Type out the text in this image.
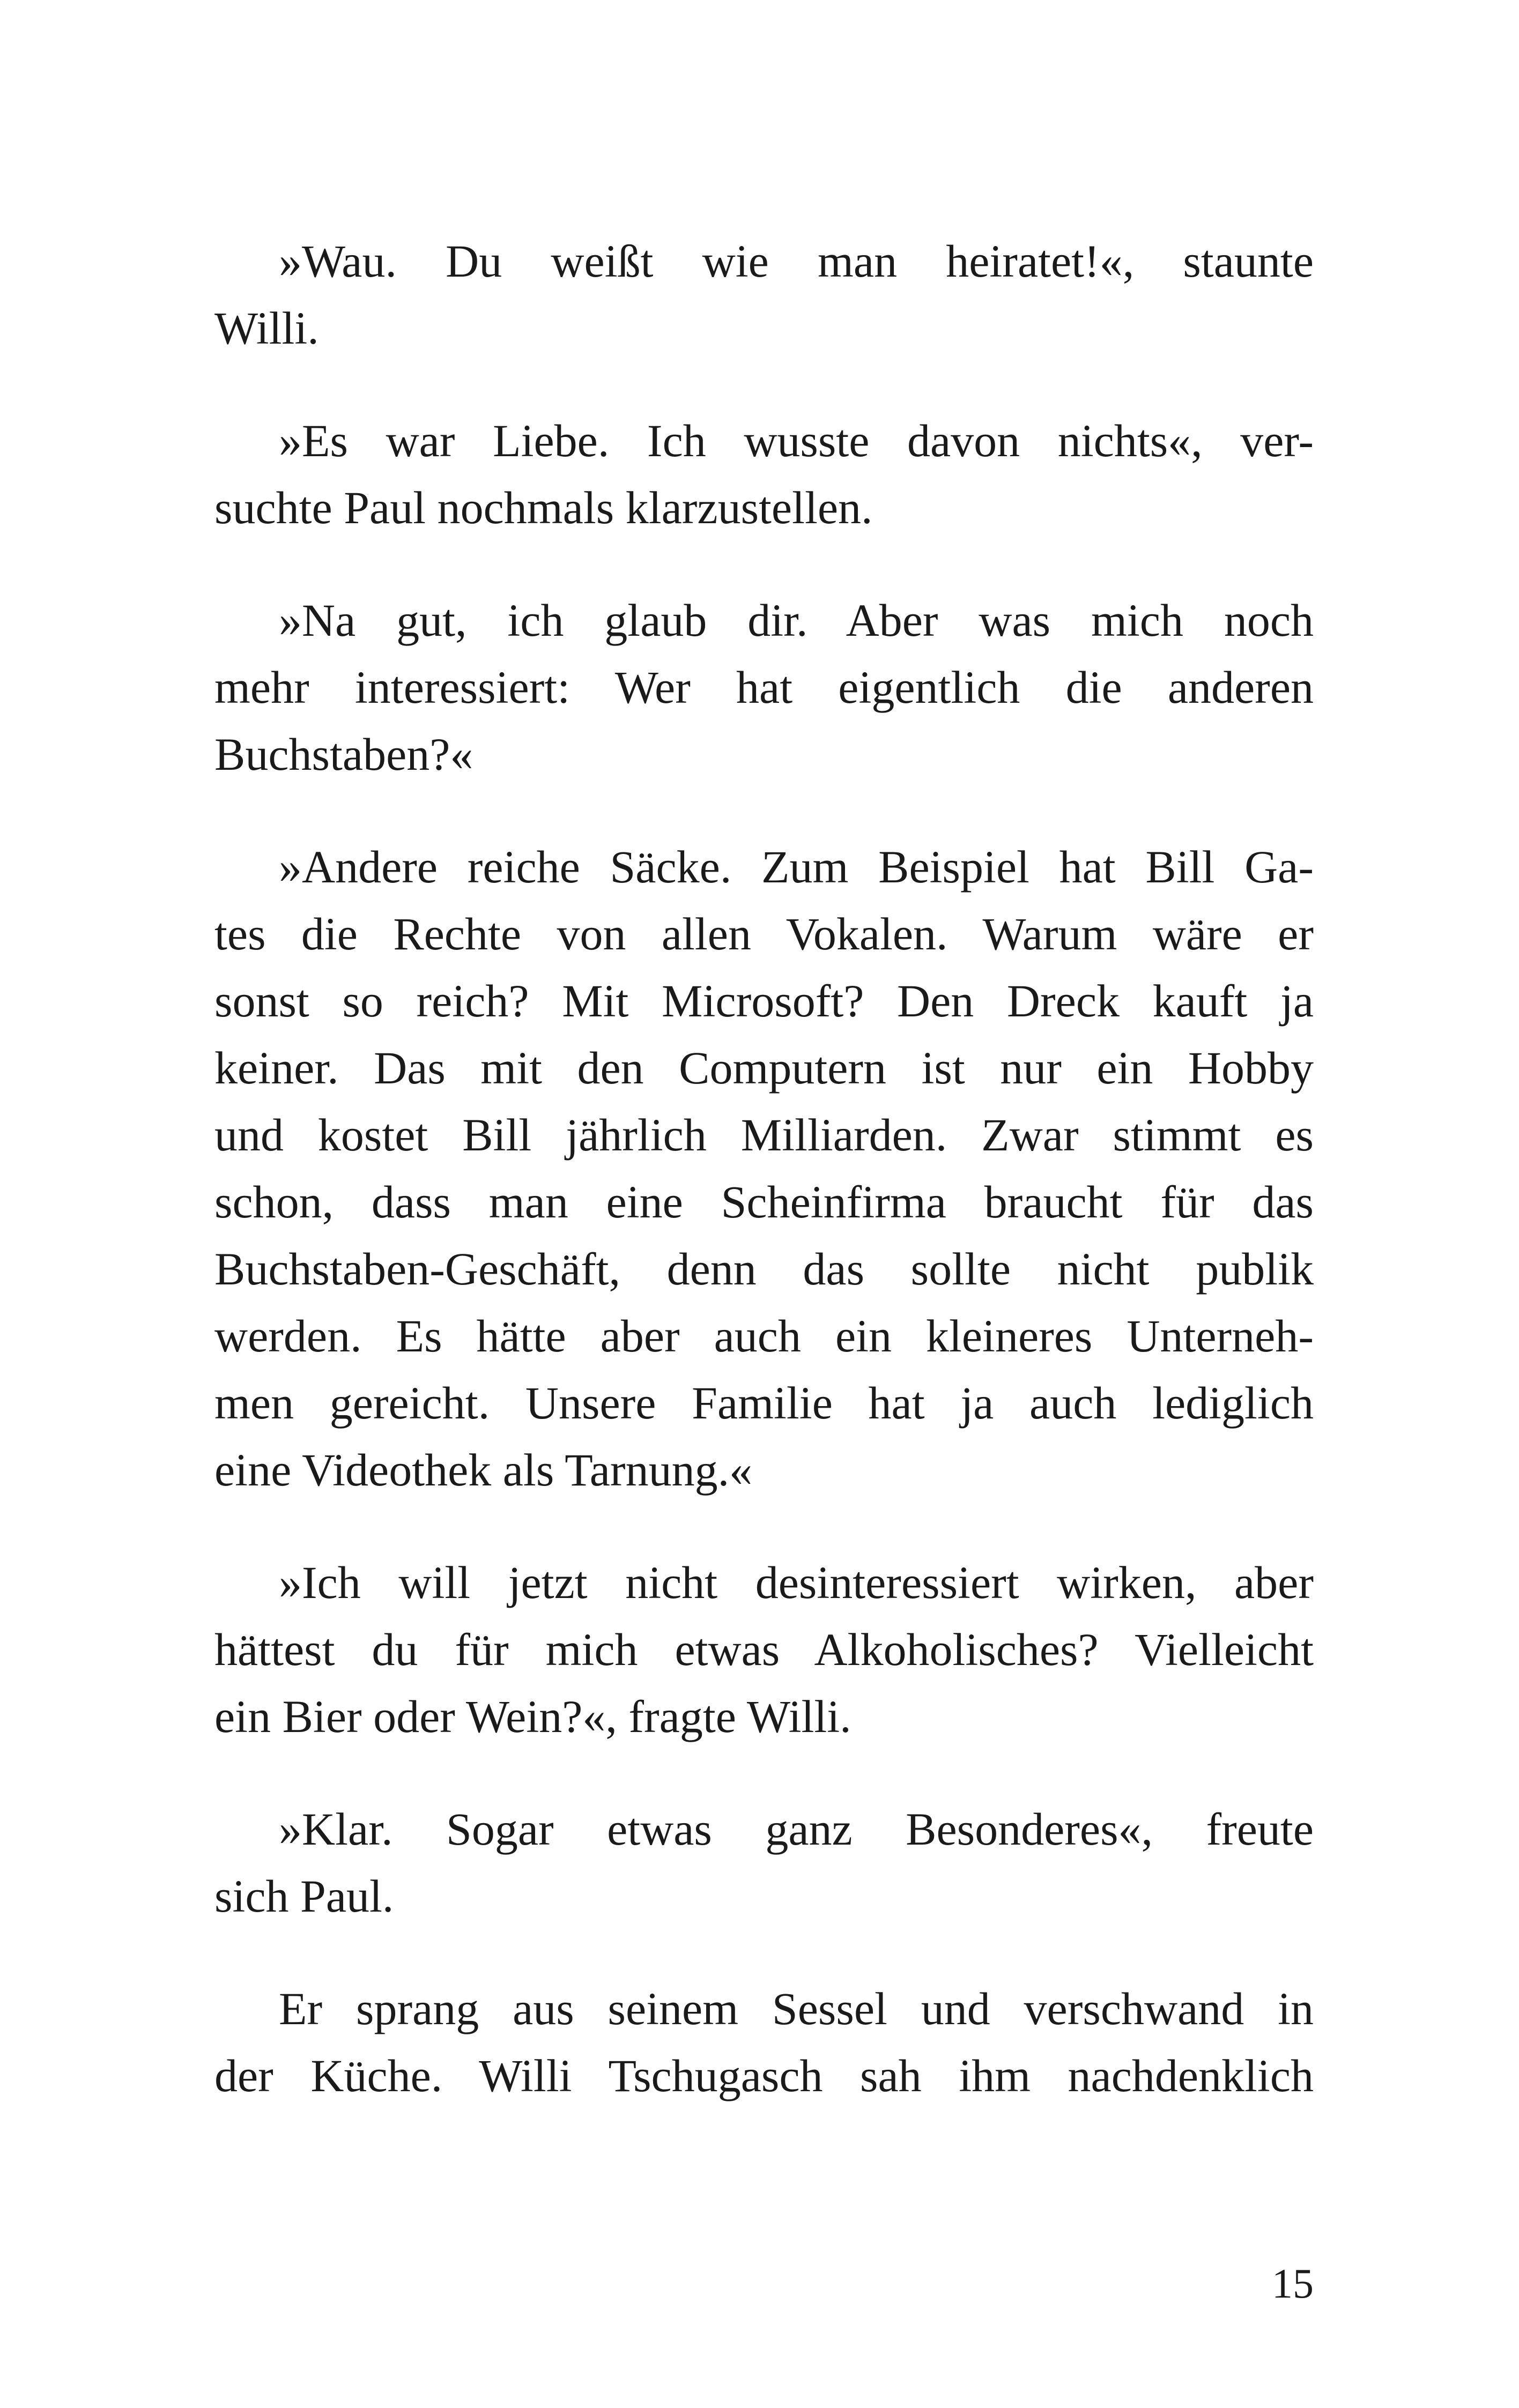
»Wau. Du weißt wie man heiratet!«, staunte
Willi.
»Es war Liebe. Ich wusste davon nichts«, ver-
suchte Paul nochmals klarzustellen.
»Na gut, ich glaub dir. Aber was mich noch
mehr interessiert: Wer hat eigentlich die anderen
Buchstaben?«
»Andere reiche Säcke. Zum Beispiel hat Bill Ga-
tes die Rechte von allen Vokalen. Warum wäre er
sonst so reich? Mit Microsoft? Den Dreck kauft ja
keiner. Das mit den Computern ist nur ein Hobby
und kostet Bill jährlich Milliarden. Zwar stimmt es
schon, dass man eine Scheinfirma braucht für das
Buchstaben-Geschäft, denn das sollte nicht publik
werden. Es hätte aber auch ein kleineres Unterneh-
men gereicht. Unsere Familie hat ja auch lediglich
eine Videothek als Tarnung.«
»Ich will jetzt nicht desinteressiert wirken, aber
hättest du für mich etwas Alkoholisches? Vielleicht
ein Bier oder Wein?«, fragte Willi.
»Klar. Sogar etwas ganz Besonderes«, freute
sich Paul.
Er sprang aus seinem Sessel und verschwand in
der Küche. Willi Tschugasch sah ihm nachdenklich
15
